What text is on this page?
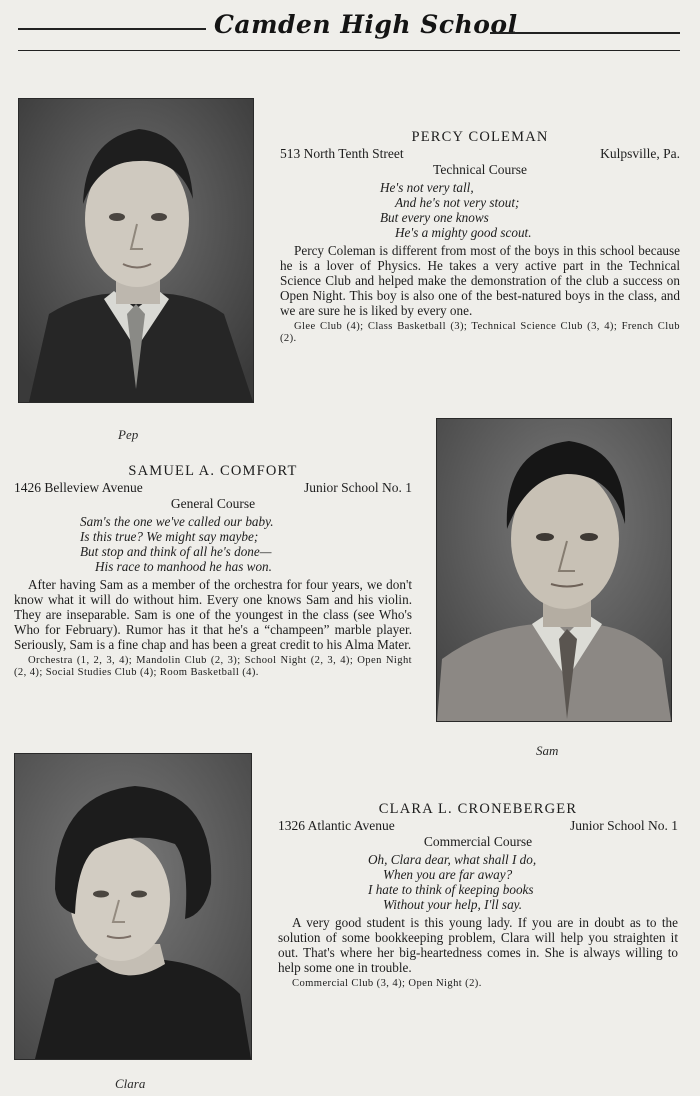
Camden High School
Pep
PERCY COLEMAN
513 North Tenth Street	Kulpsville, Pa.
Technical Course
He's not very tall,
And he's not very stout;
But every one knows
He's a mighty good scout.

Percy Coleman is different from most of the boys in this school because he is a lover of Physics. He takes a very active part in the Technical Science Club and helped make the demonstration of the club a success on Open Night. This boy is also one of the best-natured boys in the class, and we are sure he is liked by every one.

Glee Club (4); Class Basketball (3); Technical Science Club (3, 4); French Club (2).
SAMUEL A. COMFORT
1426 Belleview Avenue	Junior School No. 1
General Course
Sam's the one we've called our baby.
Is this true? We might say maybe;
But stop and think of all he's done—
His race to manhood he has won.

After having Sam as a member of the orchestra for four years, we don't know what it will do without him. Every one knows Sam and his violin. They are inseparable. Sam is one of the youngest in the class (see Who's Who for February). Rumor has it that he's a “champeen” marble player. Seriously, Sam is a fine chap and has been a great credit to his Alma Mater.

Orchestra (1, 2, 3, 4); Mandolin Club (2, 3); School Night (2, 3, 4); Open Night (2, 4); Social Studies Club (4); Room Basketball (4).
Sam
Clara
CLARA L. CRONEBERGER
1326 Atlantic Avenue	Junior School No. 1
Commercial Course
Oh, Clara dear, what shall I do,
When you are far away?
I hate to think of keeping books
Without your help, I'll say.

A very good student is this young lady. If you are in doubt as to the solution of some bookkeeping problem, Clara will help you straighten it out. That's where her big-heartedness comes in. She is always willing to help some one in trouble.

Commercial Club (3, 4); Open Night (2).
